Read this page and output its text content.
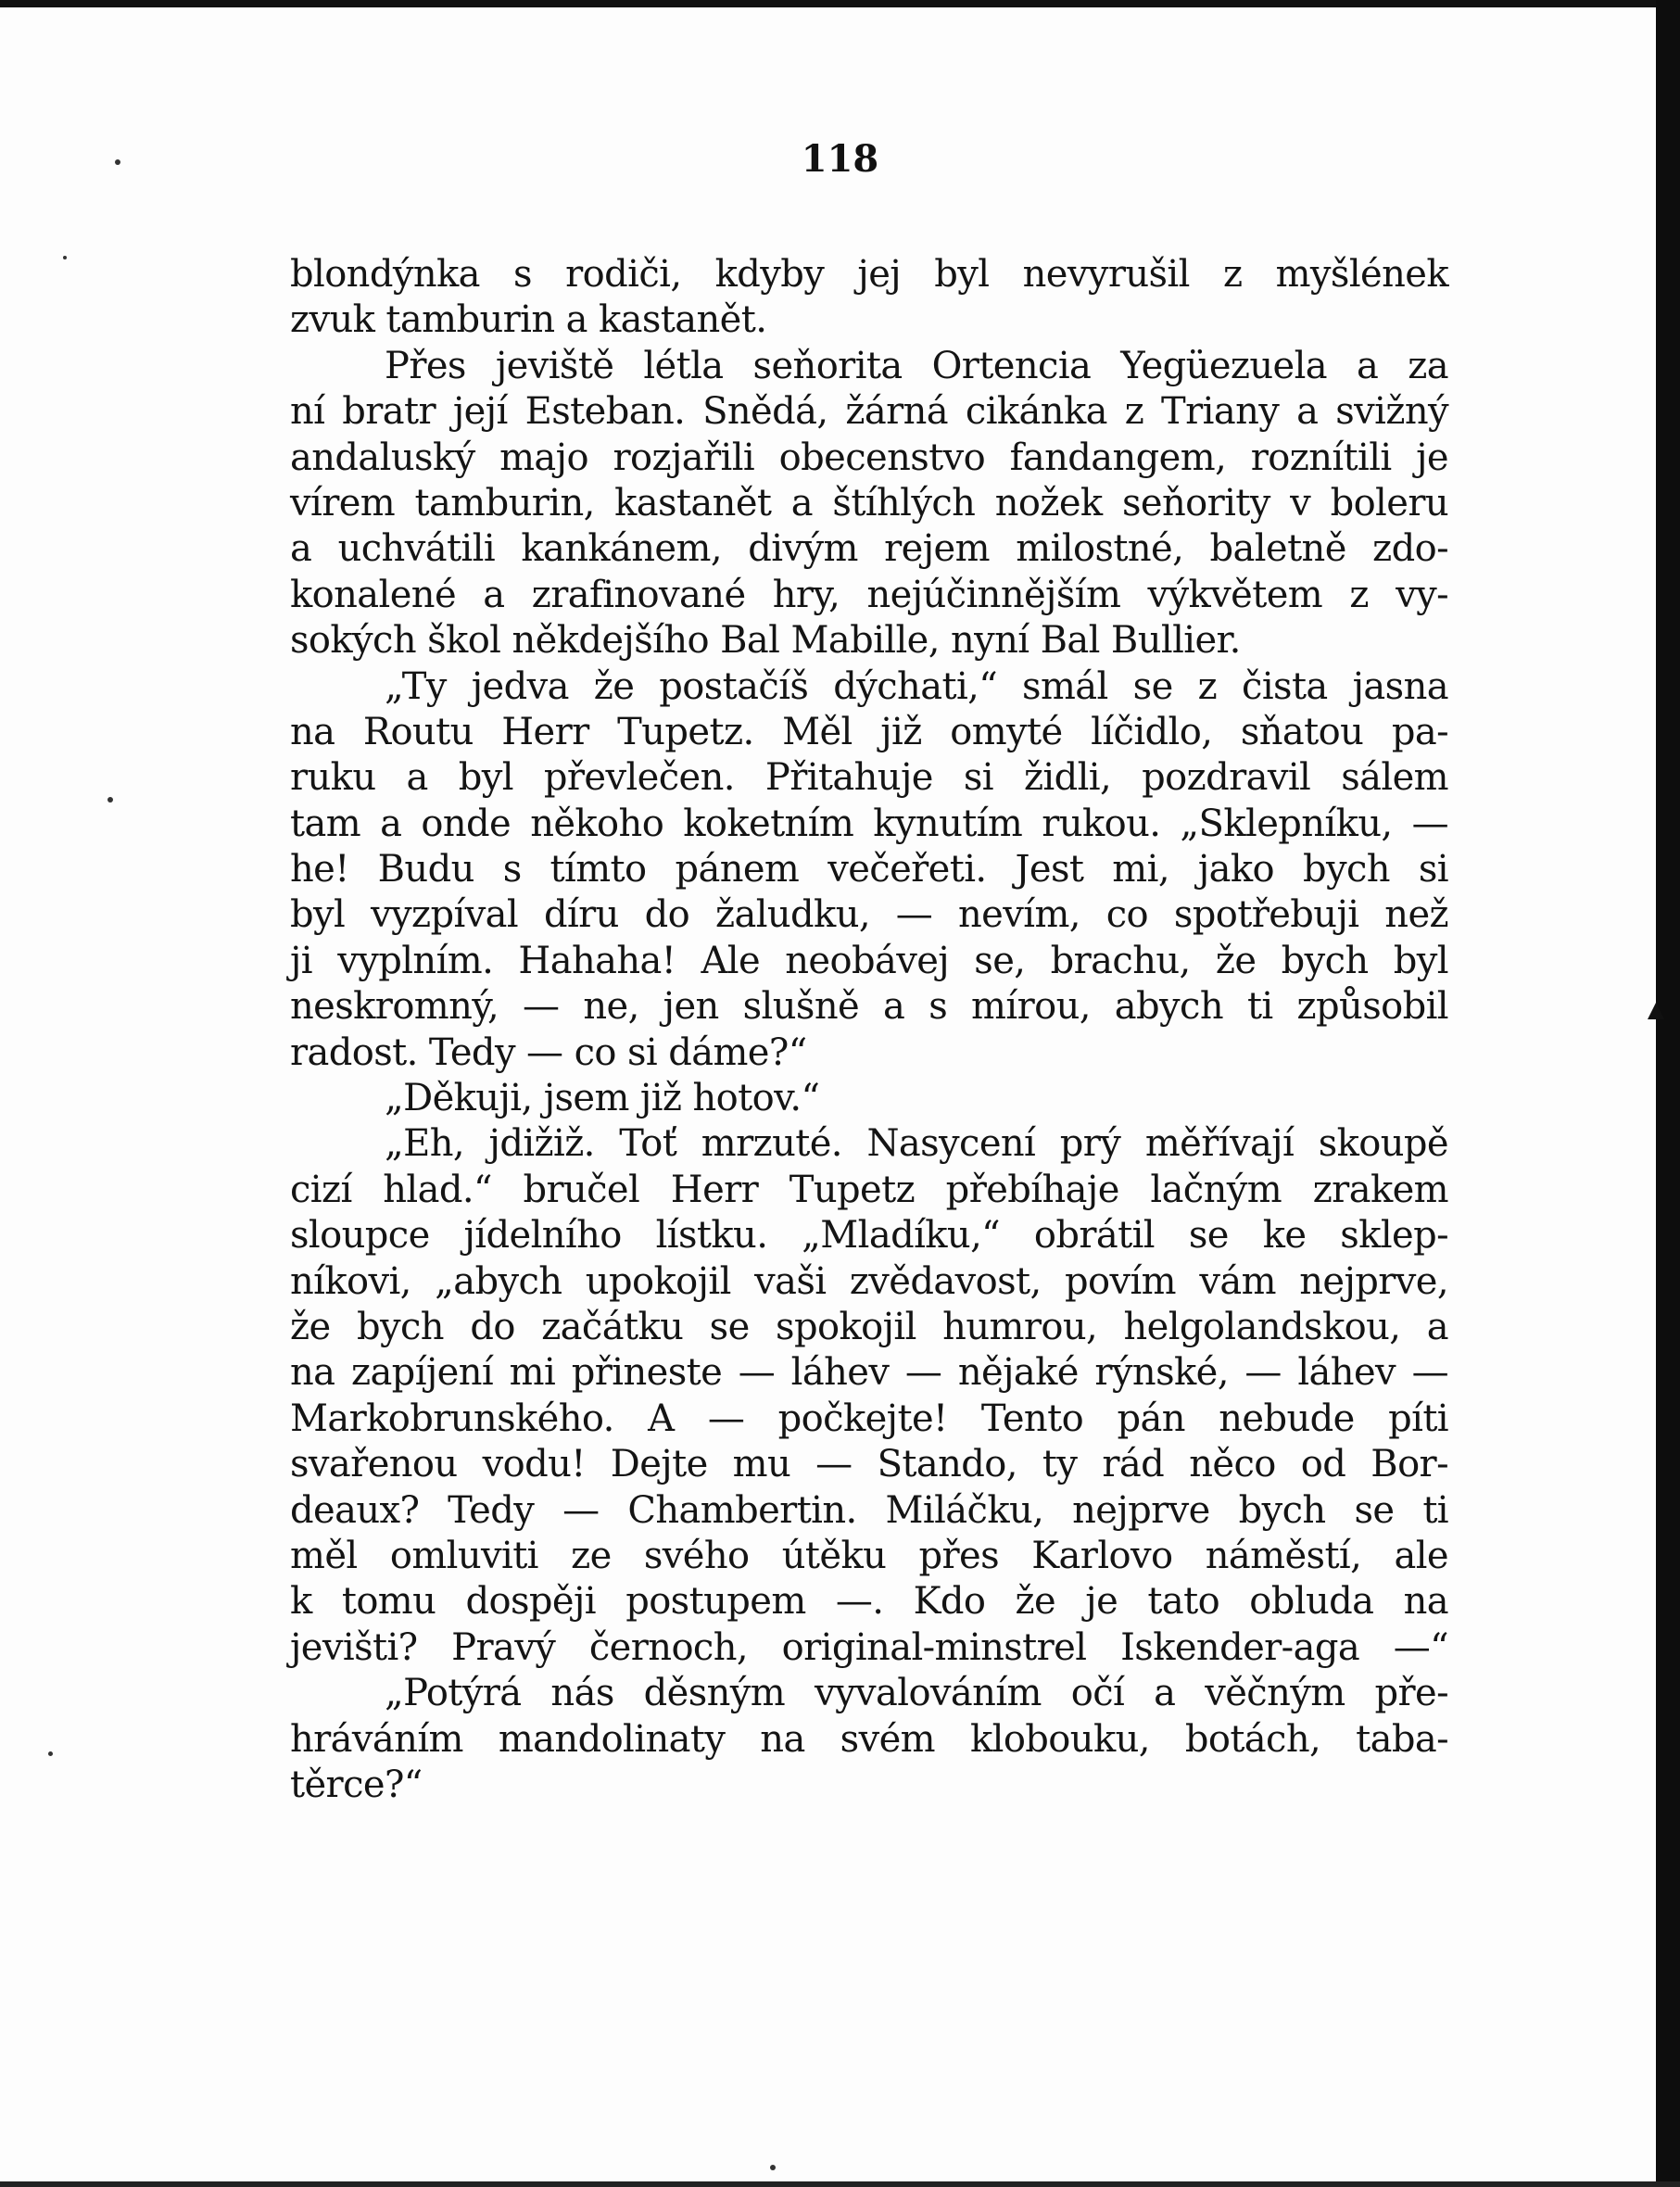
118
blondýnka s rodiči, kdyby jej byl nevyrušil z myšlének
zvuk tamburin a kastanět.
Přes jeviště létla seňorita Ortencia Yegüezuela a za
ní bratr její Esteban. Snědá, žárná cikánka z Triany a svižný
andaluský majo rozjařili obecenstvo fandangem, roznítili je
vírem tamburin, kastanět a štíhlých nožek seňority v boleru
a uchvátili kankánem, divým rejem milostné, baletně zdo-
konalené a zrafinované hry, nejúčinnějším výkvětem z vy-
sokých škol někdejšího Bal Mabille, nyní Bal Bullier.
„Ty jedva že postačíš dýchati,“ smál se z čista jasna
na Routu Herr Tupetz. Měl již omyté líčidlo, sňatou pa-
ruku a byl převlečen. Přitahuje si židli, pozdravil sálem
tam a onde někoho koketním kynutím rukou. „Sklepníku, —
he! Budu s tímto pánem večeřeti. Jest mi, jako bych si
byl vyzpíval díru do žaludku, — nevím, co spotřebuji než
ji vyplním. Hahaha! Ale neobávej se, brachu, že bych byl
neskromný, — ne, jen slušně a s mírou, abych ti způsobil
radost. Tedy — co si dáme?“
„Děkuji, jsem již hotov.“
„Eh, jdižiž. Toť mrzuté. Nasycení prý měřívají skoupě
cizí hlad.“ bručel Herr Tupetz přebíhaje lačným zrakem
sloupce jídelního lístku. „Mladíku,“ obrátil se ke sklep-
níkovi, „abych upokojil vaši zvědavost, povím vám nejprve,
že bych do začátku se spokojil humrou, helgolandskou, a
na zapíjení mi přineste — láhev — nějaké rýnské, — láhev —
Markobrunského. A — počkejte! Tento pán nebude píti
svařenou vodu! Dejte mu — Stando, ty rád něco od Bor-
deaux? Tedy — Chambertin. Miláčku, nejprve bych se ti
měl omluviti ze svého útěku přes Karlovo náměstí, ale
k tomu dospěji postupem —. Kdo že je tato obluda na
jevišti? Pravý černoch, original-minstrel Iskender-aga —“
„Potýrá nás děsným vyvalováním očí a věčným pře-
hráváním mandolinaty na svém klobouku, botách, taba-
těrce?“
